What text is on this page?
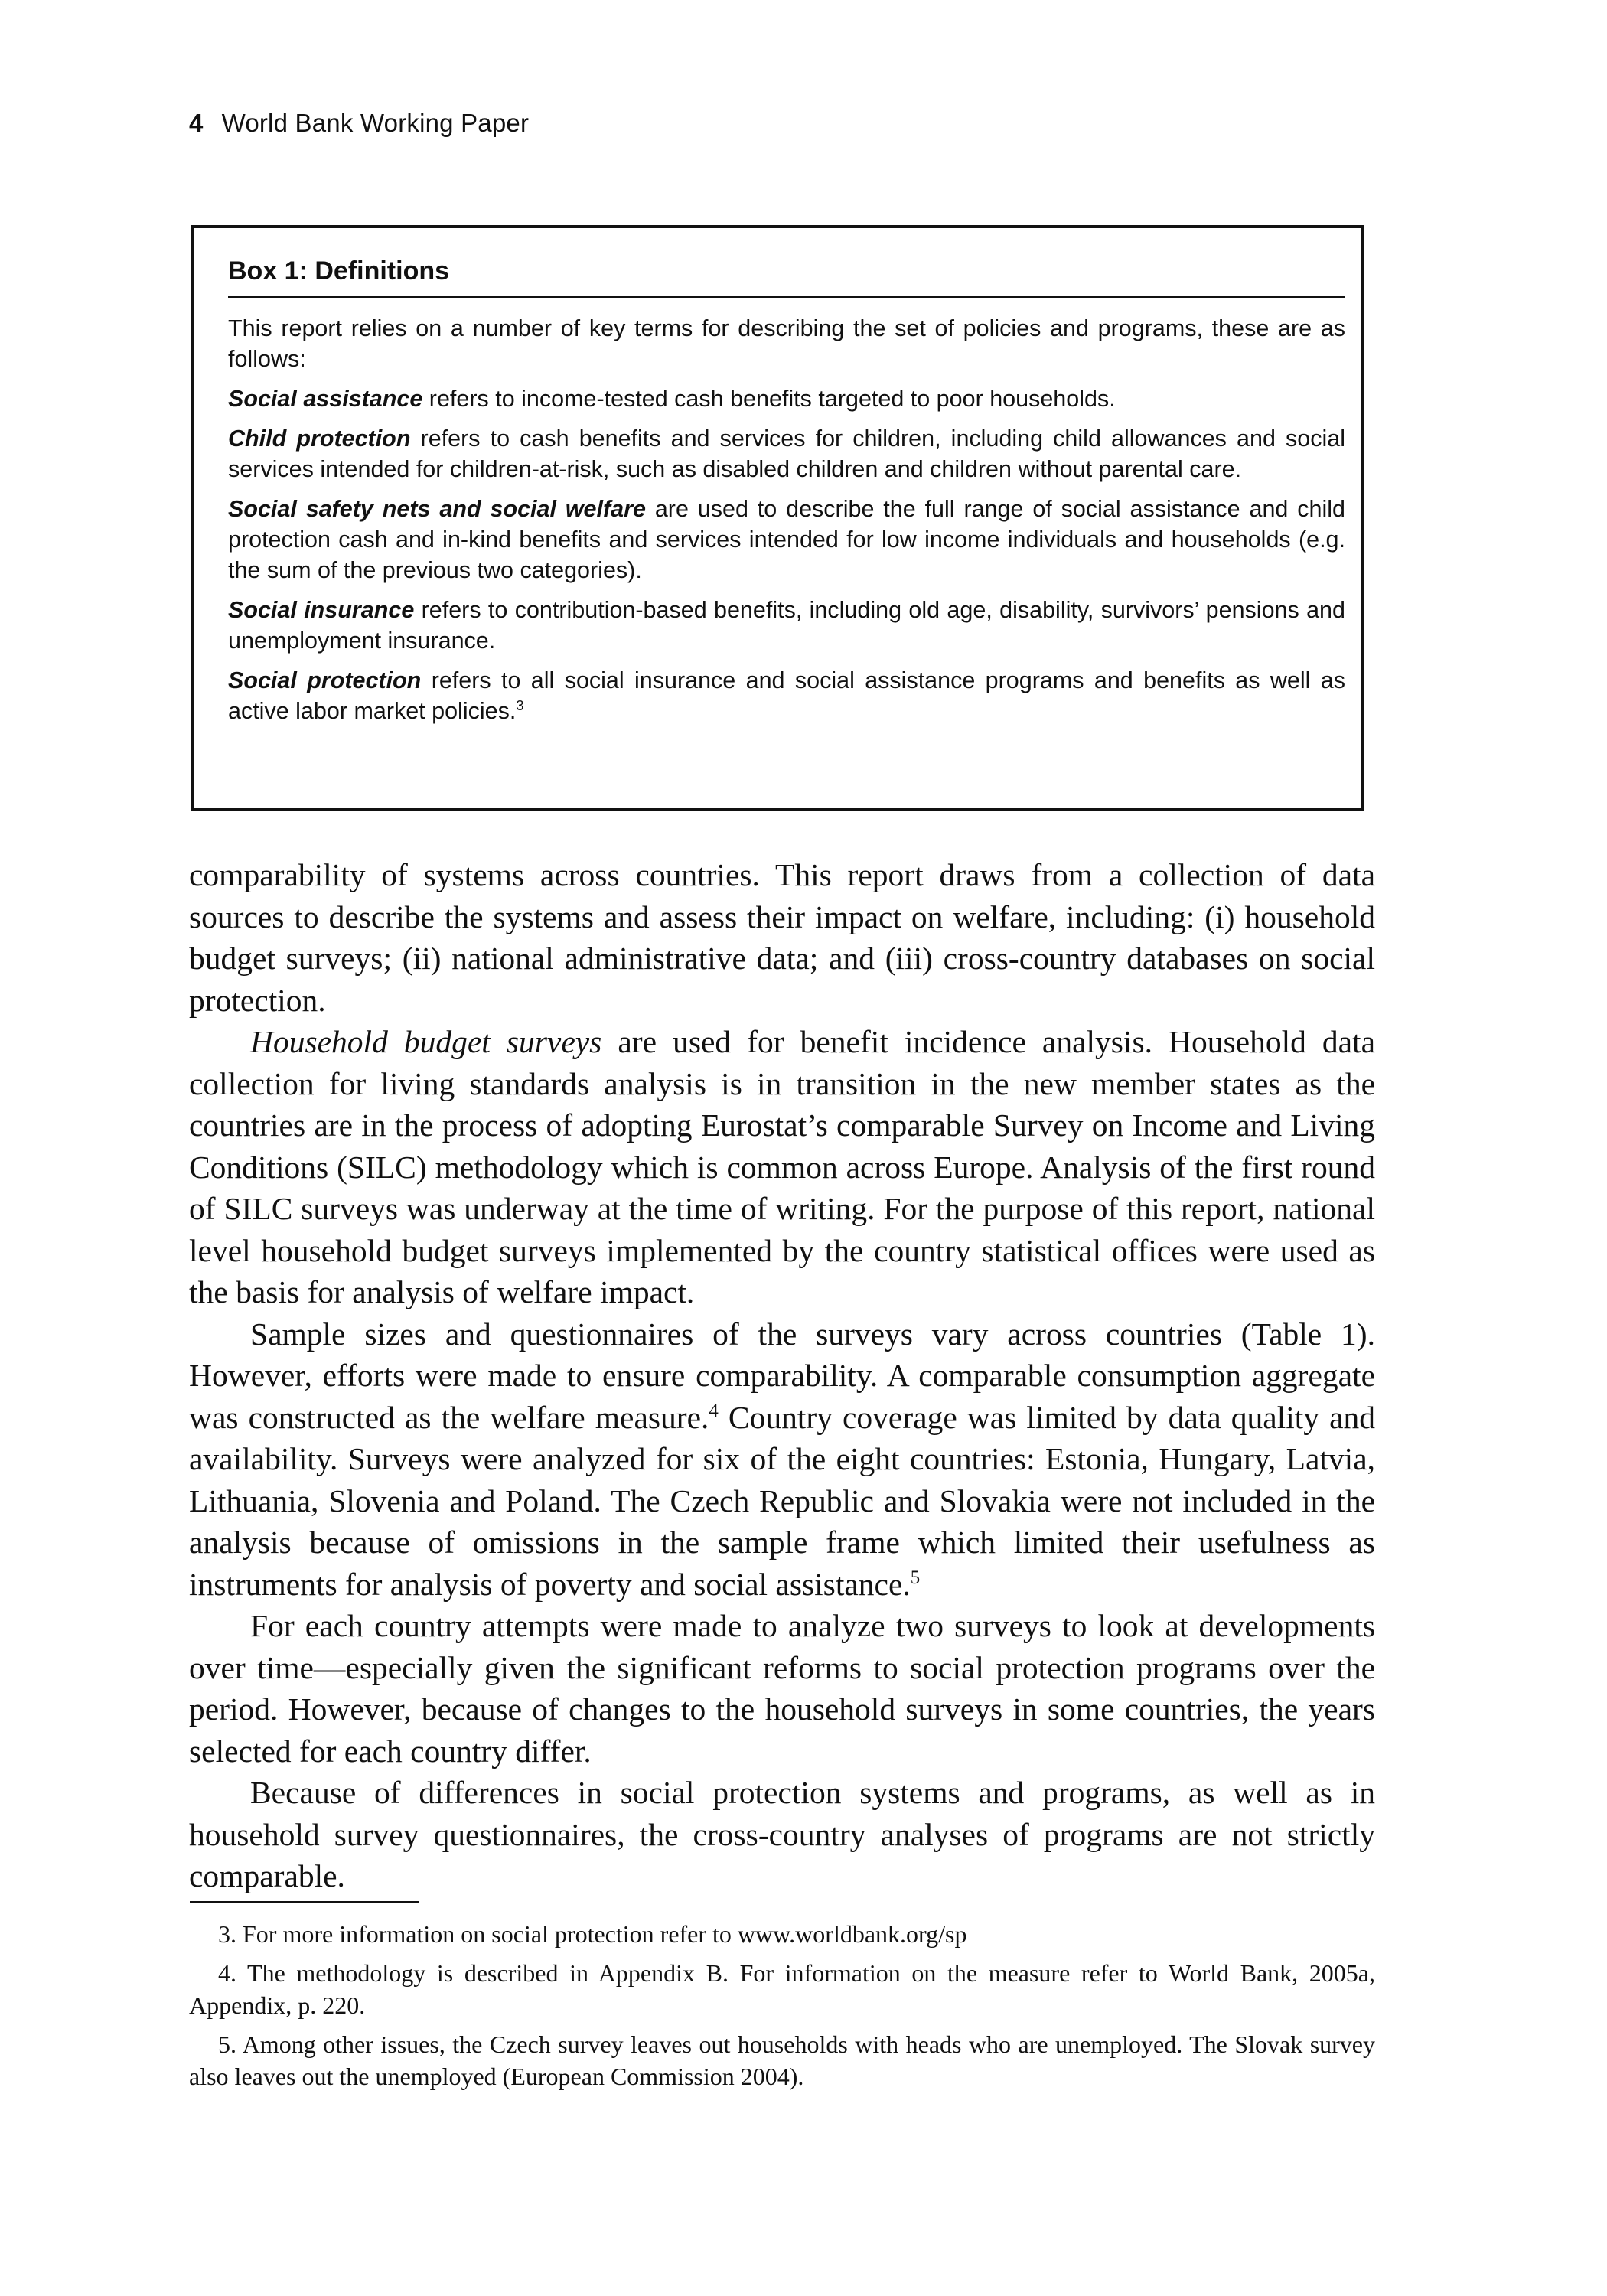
4 World Bank Working Paper
Box 1: Definitions

This report relies on a number of key terms for describing the set of policies and programs, these are as follows:

Social assistance refers to income-tested cash benefits targeted to poor households.

Child protection refers to cash benefits and services for children, including child allowances and social services intended for children-at-risk, such as disabled children and children without parental care.

Social safety nets and social welfare are used to describe the full range of social assistance and child protection cash and in-kind benefits and services intended for low income individuals and households (e.g. the sum of the previous two categories).

Social insurance refers to contribution-based benefits, including old age, disability, survivors’ pensions and unemployment insurance.

Social protection refers to all social insurance and social assistance programs and benefits as well as active labor market policies.$^3$

comparability of systems across countries. This report draws from a collection of data sources to describe the systems and assess their impact on welfare, including: (i) household budget surveys; (ii) national administrative data; and (iii) cross-country databases on social protection.

Household budget surveys are used for benefit incidence analysis. Household data collection for living standards analysis is in transition in the new member states as the countries are in the process of adopting Eurostat’s comparable Survey on Income and Living Conditions (SILC) methodology which is common across Europe. Analysis of the first round of SILC surveys was underway at the time of writing. For the purpose of this report, national level household budget surveys implemented by the country statistical offices were used as the basis for analysis of welfare impact.

Sample sizes and questionnaires of the surveys vary across countries (Table 1). However, efforts were made to ensure comparability. A comparable consumption aggregate was constructed as the welfare measure.$^4$ Country coverage was limited by data quality and availability. Surveys were analyzed for six of the eight countries: Estonia, Hungary, Latvia, Lithuania, Slovenia and Poland. The Czech Republic and Slovakia were not included in the analysis because of omissions in the sample frame which limited their usefulness as instruments for analysis of poverty and social assistance.$^5$

For each country attempts were made to analyze two surveys to look at developments over time—especially given the significant reforms to social protection programs over the period. However, because of changes to the household surveys in some countries, the years selected for each country differ.

Because of differences in social protection systems and programs, as well as in household survey questionnaires, the cross-country analyses of programs are not strictly comparable.

3. For more information on social protection refer to www.worldbank.org/sp

4. The methodology is described in Appendix B. For information on the measure refer to World Bank, 2005a, Appendix, p. 220.

5. Among other issues, the Czech survey leaves out households with heads who are unemployed. The Slovak survey also leaves out the unemployed (European Commission 2004).
